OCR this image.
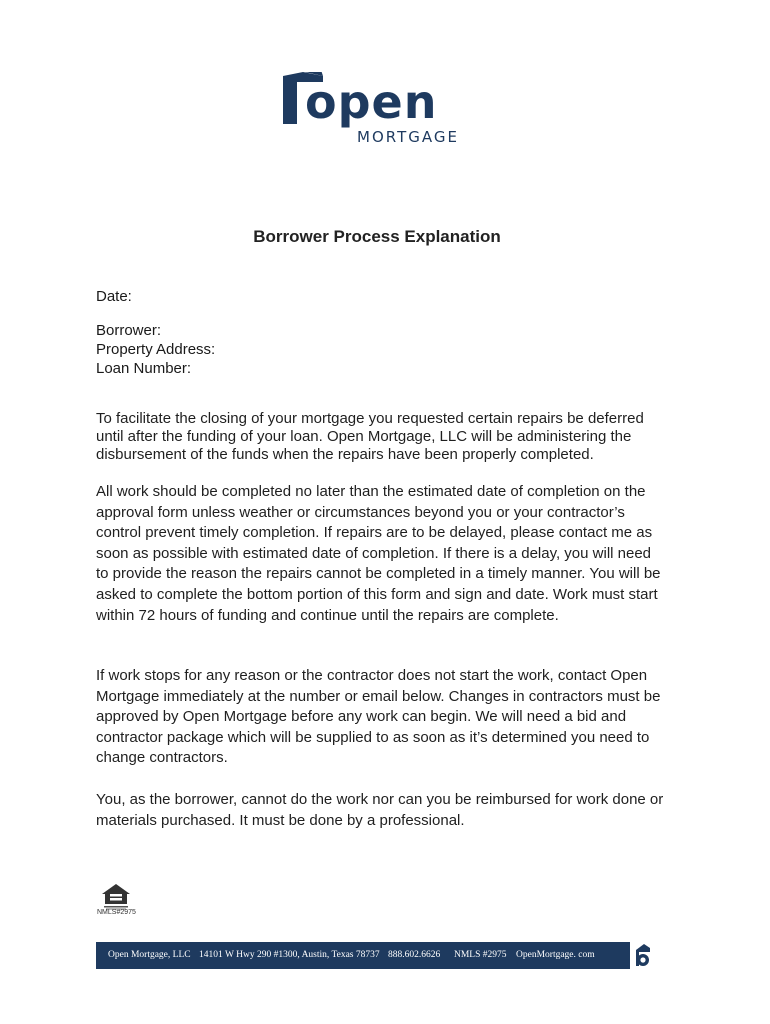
open
MORTGAGE
Borrower Process Explanation
Date:
Borrower:
Property Address:
Loan Number:
To facilitate the closing of your mortgage you requested certain repairs be deferred until after the funding of your loan. Open Mortgage, LLC will be administering the disbursement of the funds when the repairs have been properly completed.
All work should be completed no later than the estimated date of completion on the approval form unless weather or circumstances beyond you or your contractor’s control prevent timely completion. If repairs are to be delayed, please contact me as soon as possible with estimated date of completion. If there is a delay, you will need to provide the reason the repairs cannot be completed in a timely manner. You will be asked to complete the bottom portion of this form and sign and date. Work must start within 72 hours of funding and continue until the repairs are complete.
If work stops for any reason or the contractor does not start the work, contact Open Mortgage immediately at the number or email below. Changes in contractors must be approved by Open Mortgage before any work can begin. We will need a bid and contractor package which will be supplied to as soon as it’s determined you need to change contractors.
You, as the borrower, cannot do the work nor can you be reimbursed for work done or materials purchased. It must be done by a professional.
NMLS#2975
Open Mortgage, LLC 14101 W Hwy 290 #1300, Austin, Texas 78737 888.602.6626 NMLS #2975 OpenMortgage. com
